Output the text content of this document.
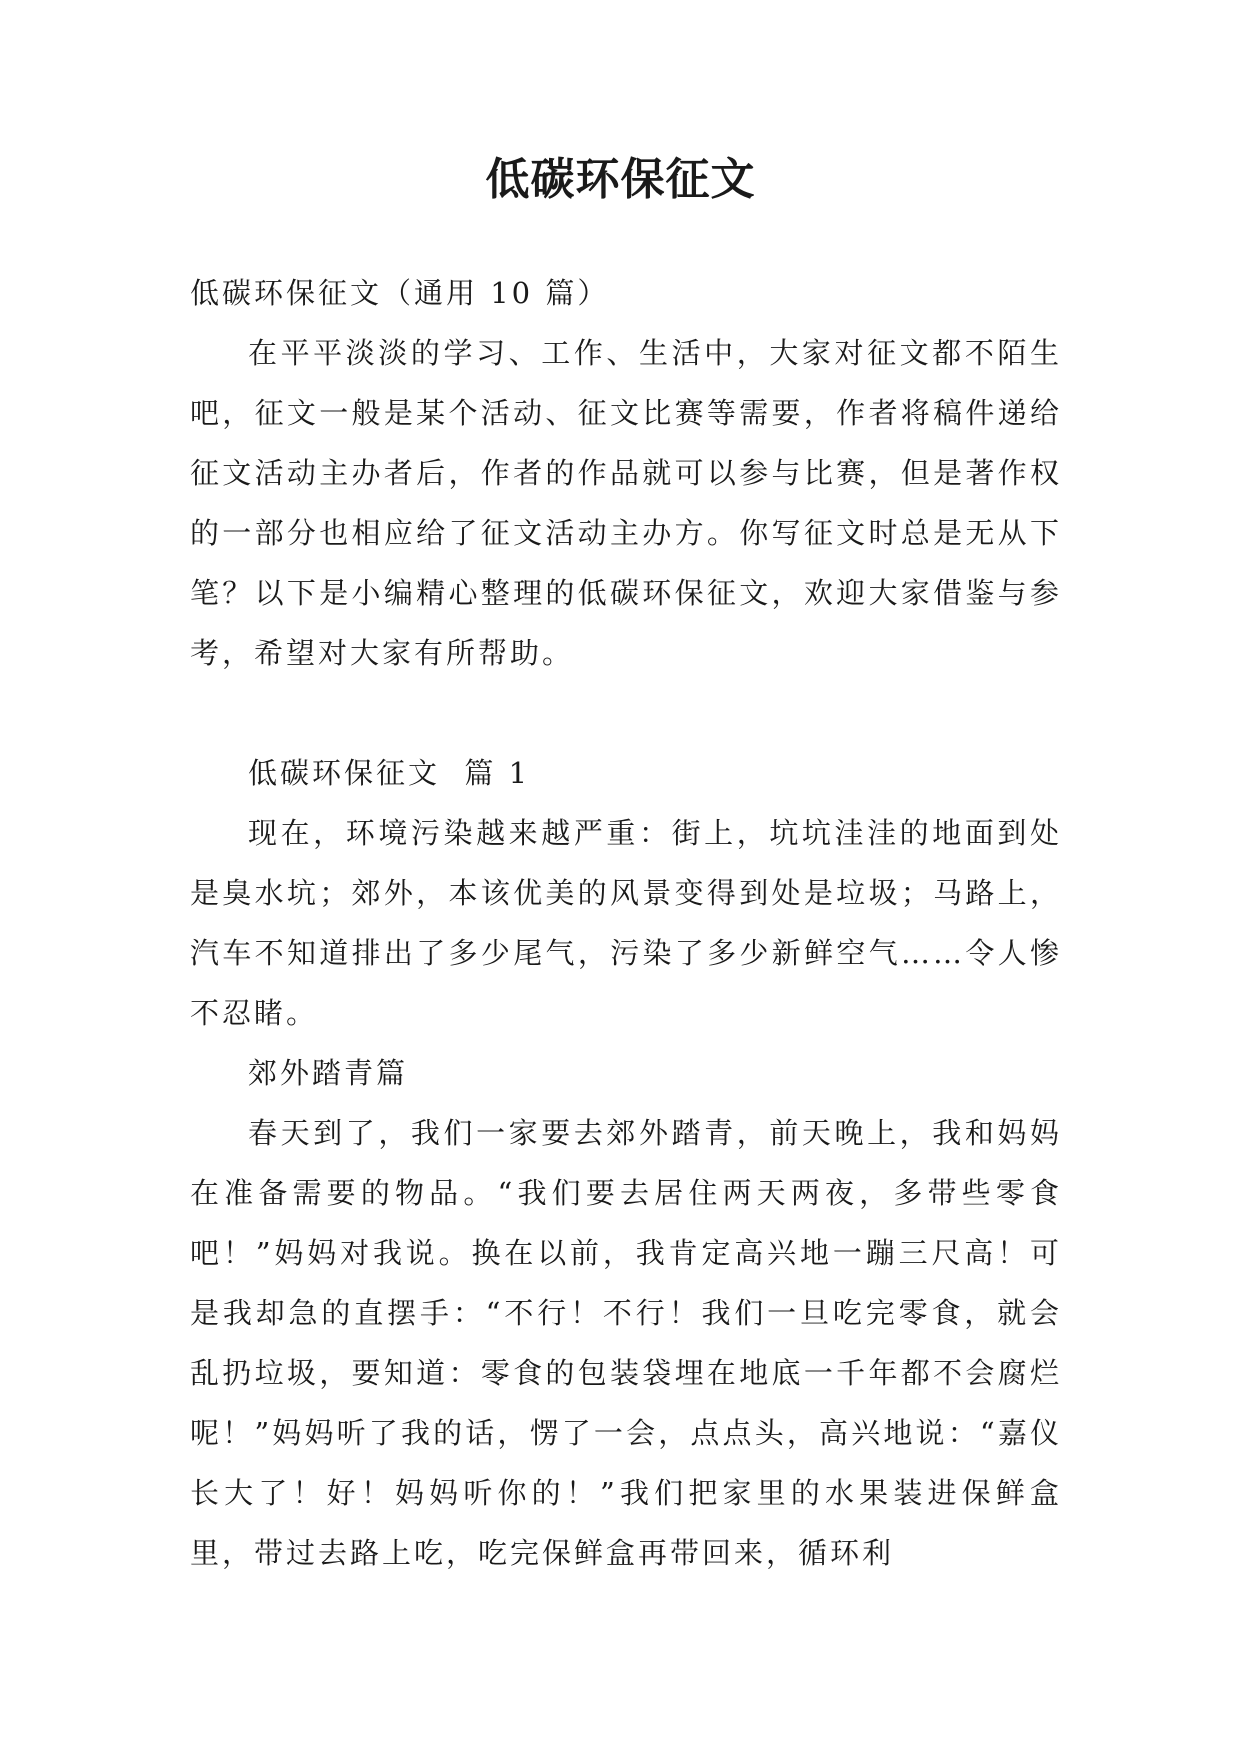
低碳环保征文

低碳环保征文（通用 10 篇）

在平平淡淡的学习、工作、生活中，大家对征文都不陌生吧，征文一般是某个活动、征文比赛等需要，作者将稿件递给征文活动主办者后，作者的作品就可以参与比赛，但是著作权的一部分也相应给了征文活动主办方。你写征文时总是无从下笔？以下是小编精心整理的低碳环保征文，欢迎大家借鉴与参考，希望对大家有所帮助。

低碳环保征文  篇 1

现在，环境污染越来越严重：街上，坑坑洼洼的地面到处是臭水坑；郊外，本该优美的风景变得到处是垃圾；马路上，汽车不知道排出了多少尾气，污染了多少新鲜空气……令人惨不忍睹。

郊外踏青篇

春天到了，我们一家要去郊外踏青，前天晚上，我和妈妈在准备需要的物品。“我们要去居住两天两夜，多带些零食吧！”妈妈对我说。换在以前，我肯定高兴地一蹦三尺高！可是我却急的直摆手：“不行！不行！我们一旦吃完零食，就会乱扔垃圾，要知道：零食的包装袋埋在地底一千年都不会腐烂呢！”妈妈听了我的话，愣了一会，点点头，高兴地说：“嘉仪长大了！好！妈妈听你的！”我们把家里的水果装进保鲜盒里，带过去路上吃，吃完保鲜盒再带回来，循环利
